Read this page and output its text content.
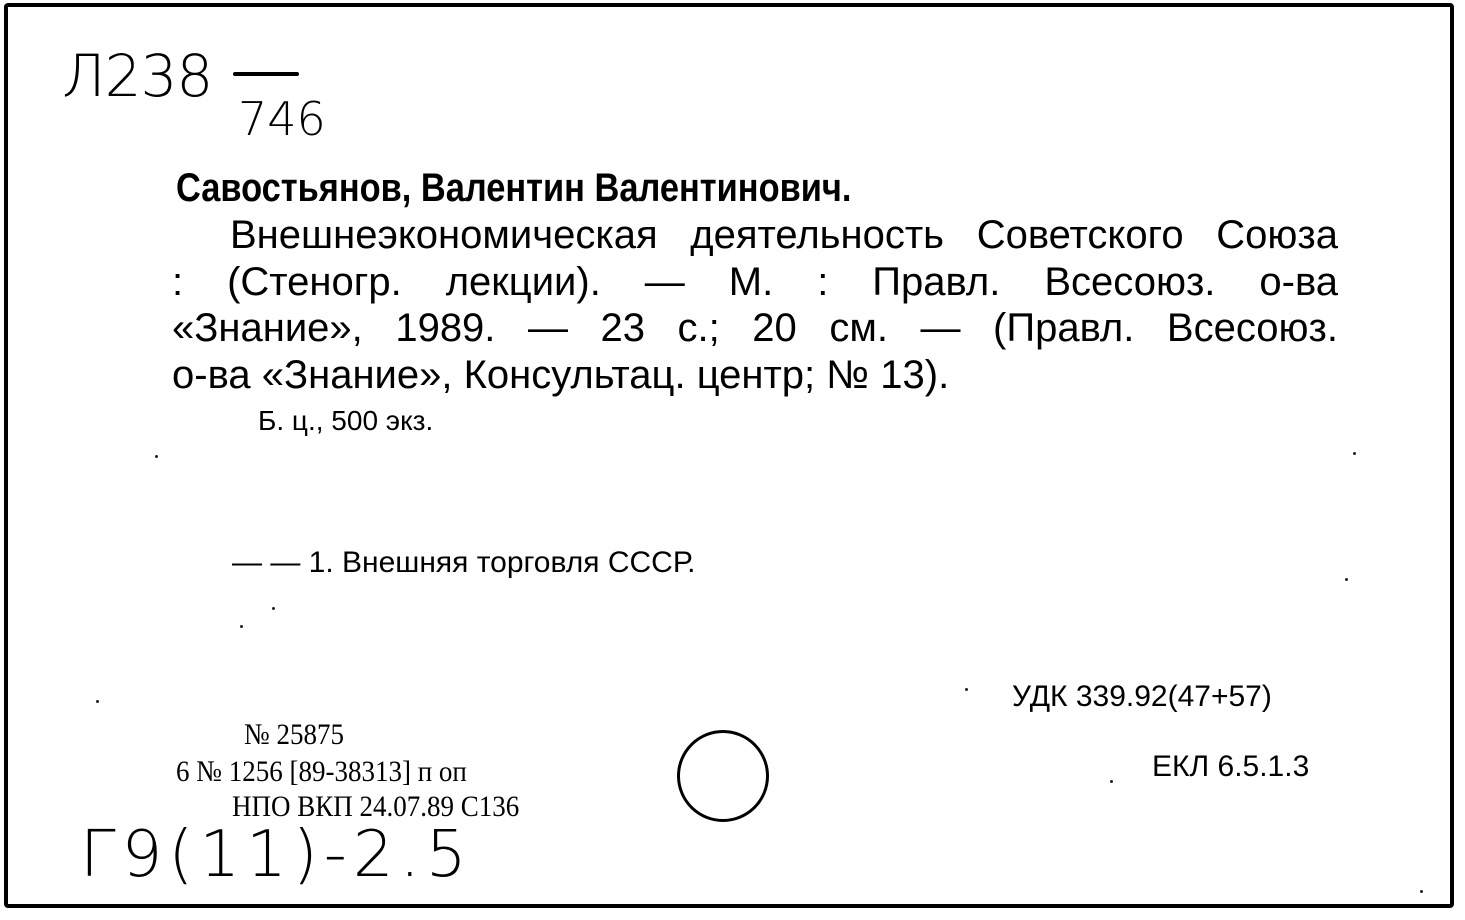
Л238
746
Савостьянов, Валентин Валентинович.
Внешнеэкономическая деятельность Советского Союза
: (Стеногр. лекции). — М. : Правл. Всесоюз. о-ва
«Знание», 1989. — 23 с.; 20 см. — (Правл. Всесоюз.
о-ва «Знание», Консультац. центр; № 13).
Б. ц., 500 экз.
— — 1. Внешняя торговля СССР.
УДК 339.92(47+57)
ЕКЛ 6.5.1.3
№ 25875
6 № 1256 [89-38313] п оп
НПО ВКП 24.07.89 С136
Г9(11)-2.5
